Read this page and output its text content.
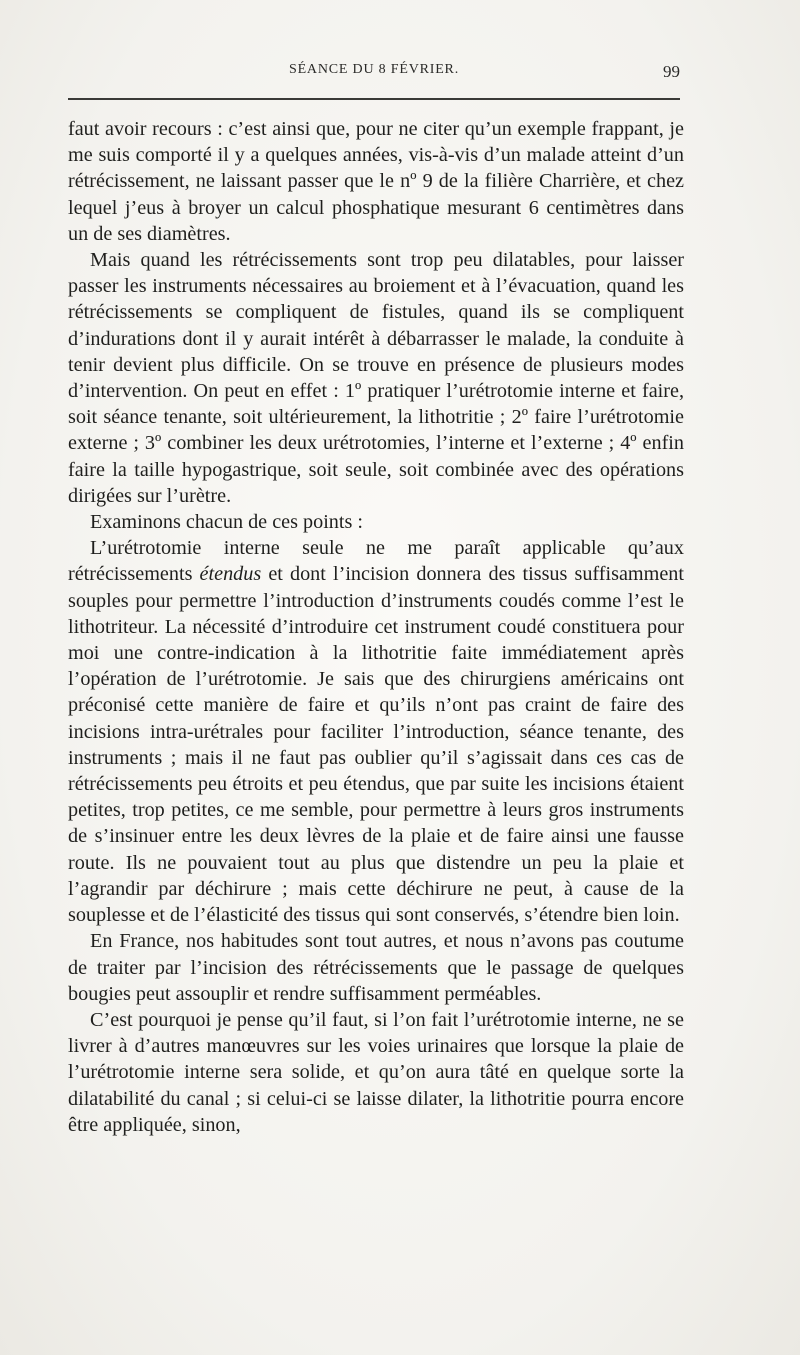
SÉANCE DU 8 FÉVRIER.	99

faut avoir recours : c’est ainsi que, pour ne citer qu’un exemple frappant, je me suis comporté il y a quelques années, vis-à-vis d’un malade atteint d’un rétrécissement, ne laissant passer que le nº 9 de la filière Charrière, et chez lequel j’eus à broyer un calcul phosphatique mesurant 6 centimètres dans un de ses diamètres.

Mais quand les rétrécissements sont trop peu dilatables, pour laisser passer les instruments nécessaires au broiement et à l’évacuation, quand les rétrécissements se compliquent de fistules, quand ils se compliquent d’indurations dont il y aurait intérêt à débarrasser le malade, la conduite à tenir devient plus difficile. On se trouve en présence de plusieurs modes d’intervention. On peut en effet : 1º pratiquer l’urétrotomie interne et faire, soit séance tenante, soit ultérieurement, la lithotritie ; 2º faire l’urétrotomie externe ; 3º combiner les deux urétrotomies, l’interne et l’externe ; 4º enfin faire la taille hypogastrique, soit seule, soit combinée avec des opérations dirigées sur l’urètre.

Examinons chacun de ces points :

L’urétrotomie interne seule ne me paraît applicable qu’aux rétrécissements étendus et dont l’incision donnera des tissus suffisamment souples pour permettre l’introduction d’instruments coudés comme l’est le lithotriteur. La nécessité d’introduire cet instrument coudé constituera pour moi une contre-indication à la lithotritie faite immédiatement après l’opération de l’urétrotomie. Je sais que des chirurgiens américains ont préconisé cette manière de faire et qu’ils n’ont pas craint de faire des incisions intra-urétrales pour faciliter l’introduction, séance tenante, des instruments ; mais il ne faut pas oublier qu’il s’agissait dans ces cas de rétrécissements peu étroits et peu étendus, que par suite les incisions étaient petites, trop petites, ce me semble, pour permettre à leurs gros instruments de s’insinuer entre les deux lèvres de la plaie et de faire ainsi une fausse route. Ils ne pouvaient tout au plus que distendre un peu la plaie et l’agrandir par déchirure ; mais cette déchirure ne peut, à cause de la souplesse et de l’élasticité des tissus qui sont conservés, s’étendre bien loin.

En France, nos habitudes sont tout autres, et nous n’avons pas coutume de traiter par l’incision des rétrécissements que le passage de quelques bougies peut assouplir et rendre suffisamment perméables.

C’est pourquoi je pense qu’il faut, si l’on fait l’urétrotomie interne, ne se livrer à d’autres manœuvres sur les voies urinaires que lorsque la plaie de l’urétrotomie interne sera solide, et qu’on aura tâté en quelque sorte la dilatabilité du canal ; si celui-ci se laisse dilater, la lithotritie pourra encore être appliquée, sinon,
